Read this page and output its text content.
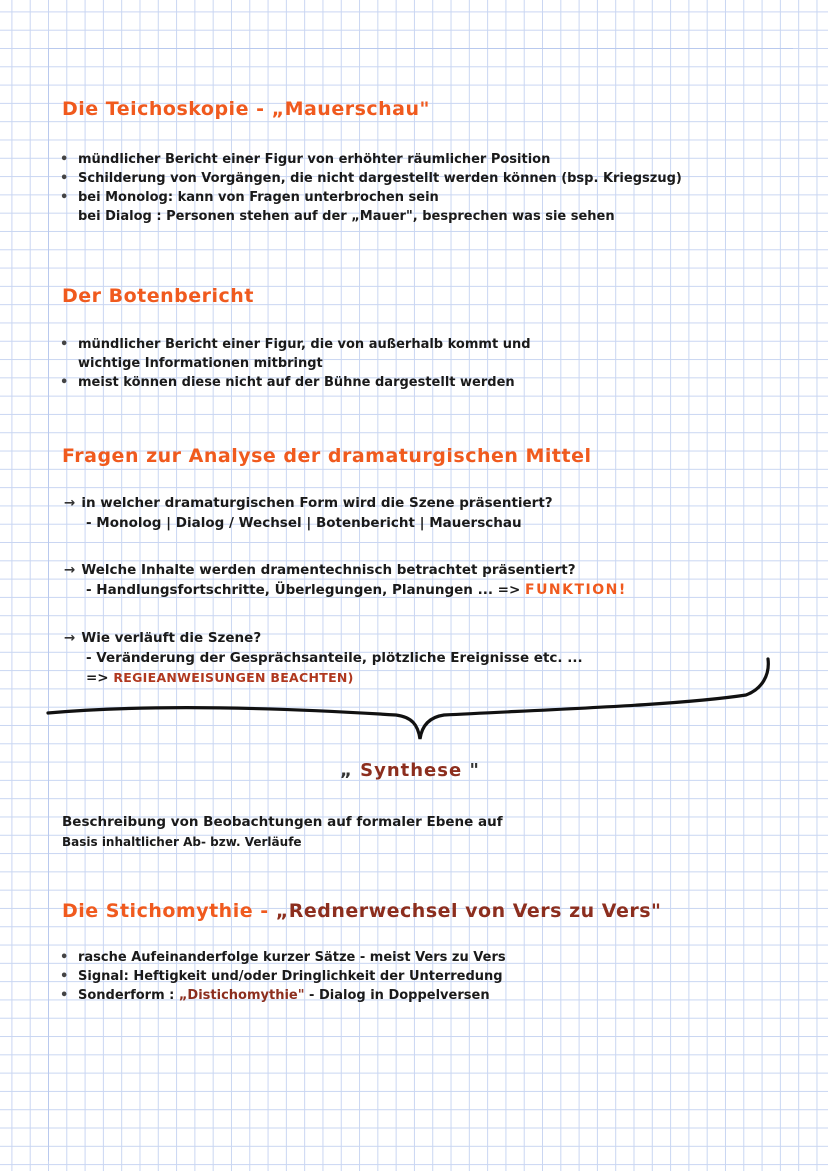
Die Teichoskopie - „Mauerschau"
• mündlicher Bericht einer Figur von erhöhter räumlicher Position
• Schilderung von Vorgängen, die nicht dargestellt werden können (bsp. Kriegszug)
• bei Monolog: kann von Fragen unterbrochen sein
bei Dialog : Personen stehen auf der „Mauer", besprechen was sie sehen
Der Botenbericht
• mündlicher Bericht einer Figur, die von außerhalb kommt und
wichtige Informationen mitbringt
• meist können diese nicht auf der Bühne dargestellt werden
Fragen zur Analyse der dramaturgischen Mittel
→ in welcher dramaturgischen Form wird die Szene präsentiert?
- Monolog | Dialog / Wechsel | Botenbericht | Mauerschau
→ Welche Inhalte werden dramentechnisch betrachtet präsentiert?
- Handlungsfortschritte, Überlegungen, Planungen ... => FUNKTION!
→ Wie verläuft die Szene?
- Veränderung der Gesprächsanteile, plötzliche Ereignisse etc. ...
=> REGIEANWEISUNGEN BEACHTEN)
„ Synthese "
Beschreibung von Beobachtungen auf formaler Ebene auf
Basis inhaltlicher Ab- bzw. Verläufe
Die Stichomythie - „Rednerwechsel von Vers zu Vers"
• rasche Aufeinanderfolge kurzer Sätze - meist Vers zu Vers
• Signal: Heftigkeit und/oder Dringlichkeit der Unterredung
• Sonderform : „Distichomythie" - Dialog in Doppelversen
